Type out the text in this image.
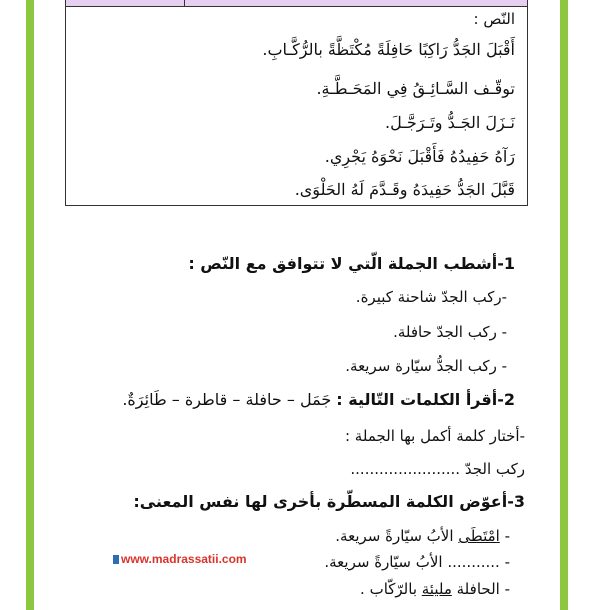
النّص :
أَقْبَلَ الجَدُّ رَاكِبًا حَافِلَةً مُكْتَظَّةً بالرُّكَّـابِ.
توقّـف السَّـائِـقُ فِي المَحَـطَّـةِ.
نَـزَلَ الجَـدُّ وتَـرَجَّـلَ.
رَآهُ حَفِيدُهُ فَأَقْبَلَ نَحْوَهُ يَجْرِي.
قَبَّلَ الجَدُّ حَفِيدَهُ وقَـدَّمَ لَهُ الحَلْوَى.
1-أشطب الجملة الّتي لا تتوافق مع النّص :
-ركب الجدّ شاحنة كبيرة.
- ركب الجدّ حافلة.
- ركب الجدُّ سيّارة سريعة.
2-أقرأ الكلمات التّالية : جَمَل – حافلة – قاطرة – طَائِرَةٌ.
-أختار كلمة أكمل بها الجملة :
ركب الجدّ .......................
3-أعوّض الكلمة المسطّرة بأخرى لها نفس المعنى:
- امْتَطَى الأبُ سيّارةً سريعة.
- ........... الأبُ سيّارةً سريعة.
- الحافلة مليئة بالرّكّاب .
www.madrassatii.com
